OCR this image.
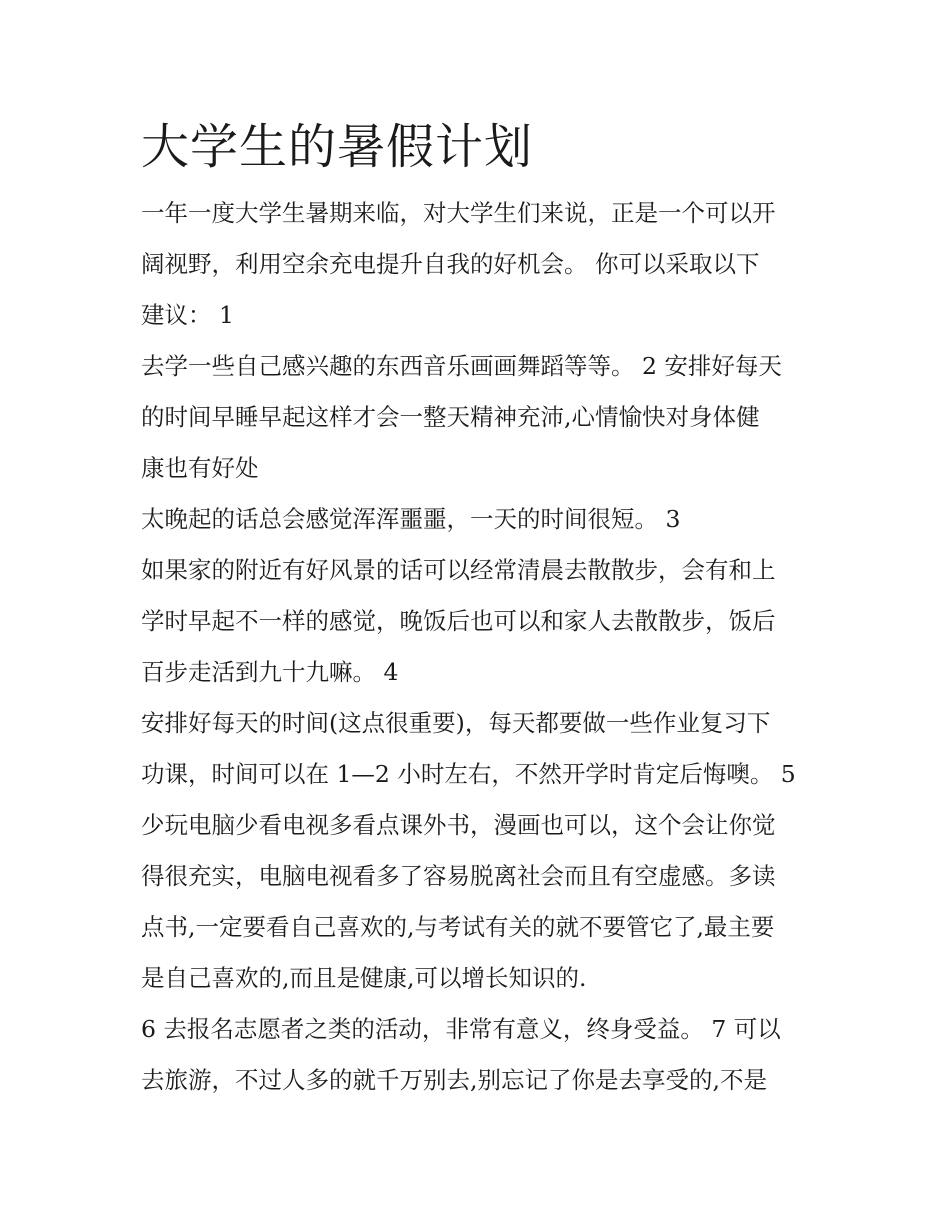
大学生的暑假计划

一年一度大学生暑期来临，对大学生们来说，正是一个可以开

阔视野，利用空余充电提升自我的好机会。 你可以采取以下

建议： 1

去学一些自己感兴趣的东西音乐画画舞蹈等等。 2 安排好每天

的时间早睡早起这样才会一整天精神充沛,心情愉快对身体健

康也有好处

太晚起的话总会感觉浑浑噩噩，一天的时间很短。 3

如果家的附近有好风景的话可以经常清晨去散散步，会有和上

学时早起不一样的感觉，晚饭后也可以和家人去散散步，饭后

百步走活到九十九嘛。 4

安排好每天的时间(这点很重要)，每天都要做一些作业复习下

功课，时间可以在 1—2 小时左右，不然开学时肯定后悔噢。 5

少玩电脑少看电视多看点课外书，漫画也可以，这个会让你觉

得很充实，电脑电视看多了容易脱离社会而且有空虚感。多读

点书,一定要看自己喜欢的,与考试有关的就不要管它了,最主要

是自己喜欢的,而且是健康,可以增长知识的.

6 去报名志愿者之类的活动，非常有意义，终身受益。 7 可以

去旅游，不过人多的就千万别去,别忘记了你是去享受的,不是
